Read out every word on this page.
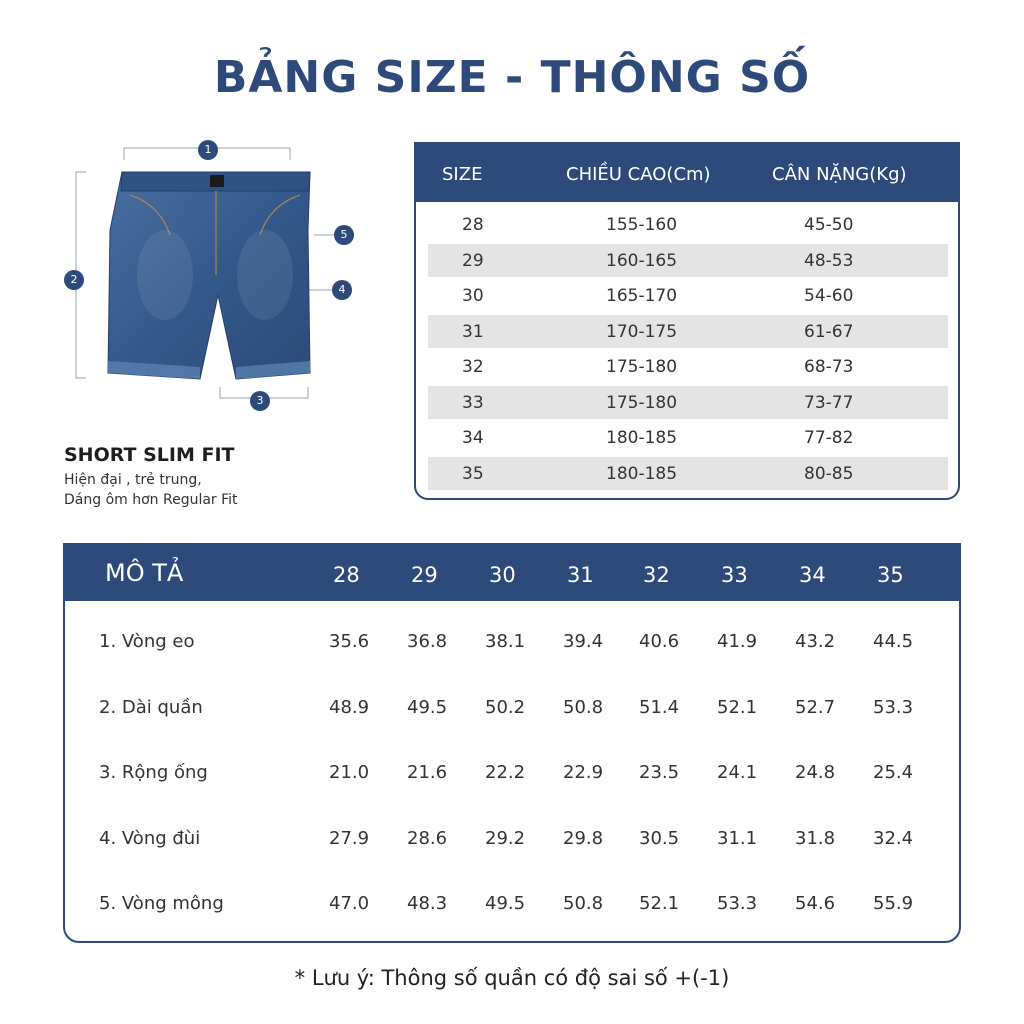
BẢNG SIZE - THÔNG SỐ
1
2
3
4
5
SHORT SLIM FIT
Hiện đại , trẻ trung,
Dáng ôm hơn Regular Fit
SIZE	CHIỀU CAO(Cm)	CÂN NẶNG(Kg)
28	155-160	45-50
29	160-165	48-53
30	165-170	54-60
31	170-175	61-67
32	175-180	68-73
33	175-180	73-77
34	180-185	77-82
35	180-185	80-85
MÔ TẢ	28 29 30 31 32 33 34 35
1. Vòng eo	35.6 36.8 38.1 39.4 40.6 41.9 43.2 44.5
2. Dài quần	48.9 49.5 50.2 50.8 51.4 52.1 52.7 53.3
3. Rộng ống	21.0 21.6 22.2 22.9 23.5 24.1 24.8 25.4
4. Vòng đùi	27.9 28.6 29.2 29.8 30.5 31.1 31.8 32.4
5. Vòng mông	47.0 48.3 49.5 50.8 52.1 53.3 54.6 55.9
* Lưu ý: Thông số quần có độ sai số +(-1)
